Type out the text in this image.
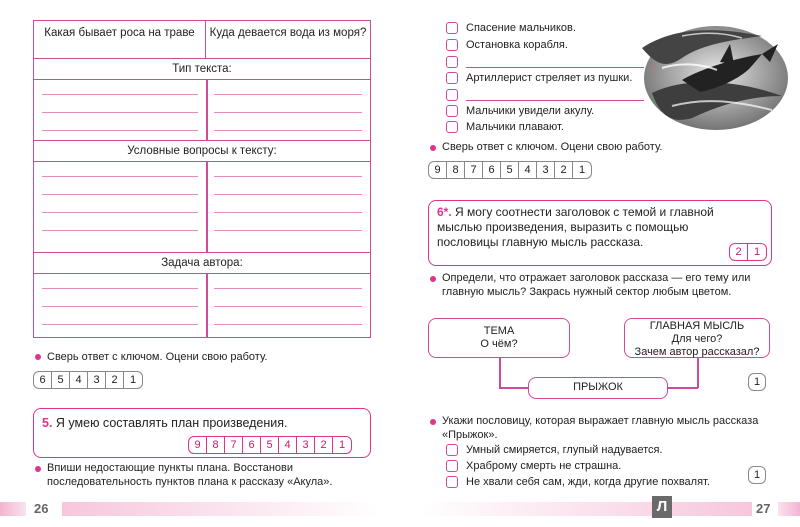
Какая бывает роса на траве	Куда девается вода из моря?
Тип текста:
Условные вопросы к тексту:
Задача автора:
Сверь ответ с ключом. Оцени свою работу.
6	5	4	3	2	1
5. Я умею составлять план произведения.
9	8	7	6	5	4	3	2	1
Впиши недостающие пункты плана. Восстанови последовательность пунктов плана к рассказу «Акула».
26
Спасение мальчиков.
Остановка корабля.
Артиллерист стреляет из пушки.
Мальчики увидели акулу.
Мальчики плавают.
Сверь ответ с ключом. Оцени свою работу.
9	8	7	6	5	4	3	2	1
6*. Я могу соотнести заголовок с темой и главной мыслью произведения, выразить с помощью пословицы главную мысль рассказа.
2	1
Определи, что отражает заголовок рассказа — его тему или главную мысль? Закрась нужный сектор любым цветом.
ТЕМА
О чём?
ГЛАВНАЯ МЫСЛЬ
Для чего?
Зачем автор рассказал?
ПРЫЖОК	1
Укажи пословицу, которая выражает главную мысль рассказа «Прыжок».
Умный смиряется, глупый надувается.
Храброму смерть не страшна.
Не хвали себя сам, жди, когда другие похвалят.
1
27
Л
